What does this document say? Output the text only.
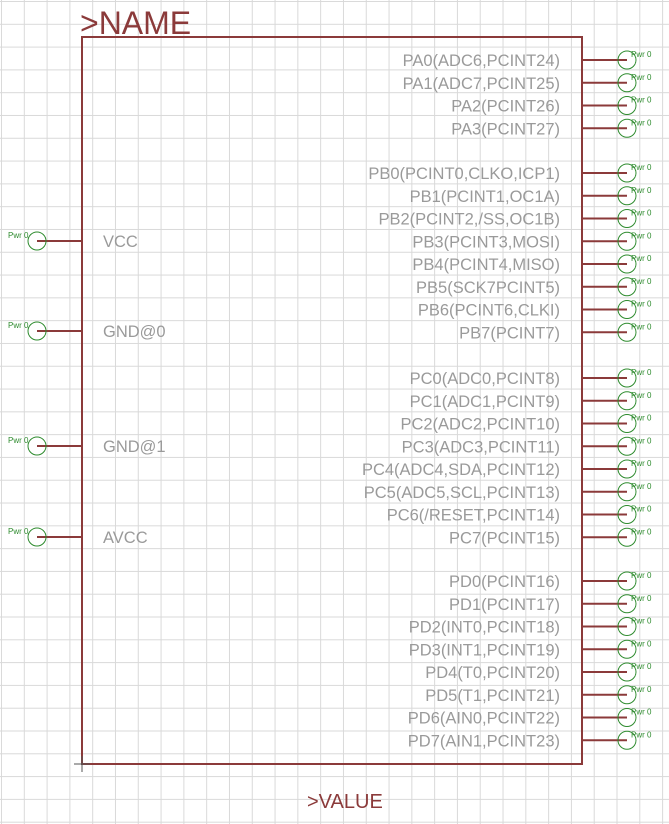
>NAME
>VALUE
Pwr 0	VCC
Pwr 0	GND@0
Pwr 0	GND@1
Pwr 0	AVCC
Pwr 0
PA0(ADC6,PCINT24)
Pwr 0
PA1(ADC7,PCINT25)
Pwr 0
PA2(PCINT26)
Pwr 0
PA3(PCINT27)
Pwr 0
PB0(PCINT0,CLKO,ICP1)
Pwr 0
PB1(PCINT1,OC1A)
Pwr 0
PB2(PCINT2,/SS,OC1B)
Pwr 0
PB3(PCINT3,MOSI)
Pwr 0
PB4(PCINT4,MISO)
Pwr 0
PB5(SCK7PCINT5)
Pwr 0
PB6(PCINT6,CLKI)
Pwr 0
PB7(PCINT7)
Pwr 0
PC0(ADC0,PCINT8)
Pwr 0
PC1(ADC1,PCINT9)
Pwr 0
PC2(ADC2,PCINT10)
Pwr 0
PC3(ADC3,PCINT11)
Pwr 0
PC4(ADC4,SDA,PCINT12)
Pwr 0
PC5(ADC5,SCL,PCINT13)
Pwr 0
PC6(/RESET,PCINT14)
Pwr 0
PC7(PCINT15)
Pwr 0
PD0(PCINT16)
Pwr 0
PD1(PCINT17)
Pwr 0
PD2(INT0,PCINT18)
Pwr 0
PD3(INT1,PCINT19)
Pwr 0
PD4(T0,PCINT20)
Pwr 0
PD5(T1,PCINT21)
Pwr 0
PD6(AIN0,PCINT22)
Pwr 0
PD7(AIN1,PCINT23)
